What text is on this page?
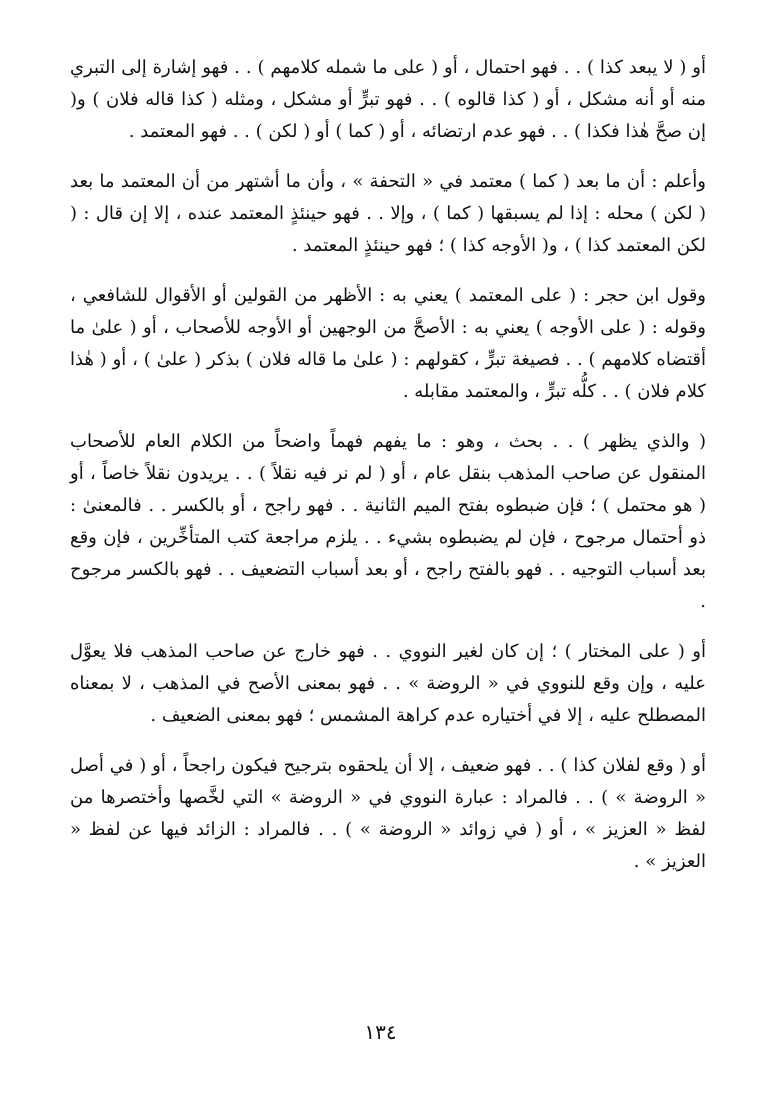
أو ( لا يبعد كذا ) . . فهو احتمال ، أو ( على ما شمله كلامهم ) . . فهو إشارة إلى التبري منه أو أنه مشكل ، أو ( كذا قالوه ) . . فهو تبرٍّ أو مشكل ، ومثله ( كذا قاله فلان ) و( إن صحَّ هٰذا فكذا ) . . فهو عدم ارتضائه ، أو ( كما ) أو ( لكن ) . . فهو المعتمد .

وأعلم : أن ما بعد ( كما ) معتمد في « التحفة » ، وأن ما أشتهر من أن المعتمد ما بعد ( لكن ) محله : إذا لم يسبقها ( كما ) ، وإلا . . فهو حينئذٍ المعتمد عنده ، إلا إن قال : ( لكن المعتمد كذا ) ، و( الأوجه كذا ) ؛ فهو حينئذٍ المعتمد .

وقول ابن حجر : ( على المعتمد ) يعني به : الأظهر من القولين أو الأقوال للشافعي ، وقوله : ( على الأوجه ) يعني به : الأصحَّ من الوجهين أو الأوجه للأصحاب ، أو ( علىٰ ما أقتضاه كلامهم ) . . فصيغة تبرٍّ ، كقولهم : ( علىٰ ما قاله فلان ) بذكر ( علىٰ ) ، أو ( هٰذا كلام فلان ) . . كلُّه تبرٍّ ، والمعتمد مقابله .

( والذي يظهر ) . . بحث ، وهو : ما يفهم فهماً واضحاً من الكلام العام للأصحاب المنقول عن صاحب المذهب بنقل عام ، أو ( لم نر فيه نقلاً ) . . يريدون نقلاً خاصاً ، أو ( هو محتمل ) ؛ فإن ضبطوه بفتح الميم الثانية . . فهو راجح ، أو بالكسر . . فالمعنىٰ : ذو أحتمال مرجوح ، فإن لم يضبطوه بشيء . . يلزم مراجعة كتب المتأخِّرين ، فإن وقع بعد أسباب التوجيه . . فهو بالفتح راجح ، أو بعد أسباب التضعيف . . فهو بالكسر مرجوح .

أو ( على المختار ) ؛ إن كان لغير النووي . . فهو خارج عن صاحب المذهب فلا يعوَّل عليه ، وإن وقع للنووي في « الروضة » . . فهو بمعنى الأصح في المذهب ، لا بمعناه المصطلح عليه ، إلا في أختياره عدم كراهة المشمس ؛ فهو بمعنى الضعيف .

أو ( وقع لفلان كذا ) . . فهو ضعيف ، إلا أن يلحقوه بترجيح فيكون راجحاً ، أو ( في أصل « الروضة » ) . . فالمراد : عبارة النووي في « الروضة » التي لخَّصها وأختصرها من لفظ « العزيز » ، أو ( في زوائد « الروضة » ) . . فالمراد : الزائد فيها عن لفظ « العزيز » .

١٣٤
